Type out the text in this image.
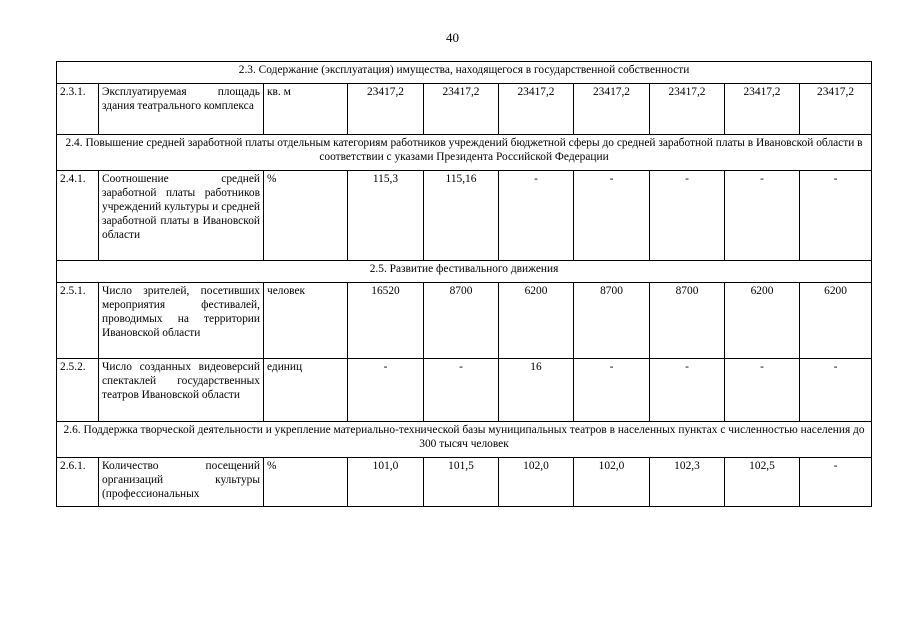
40
2.3. Содержание (эксплуатация) имущества, находящегося в государственной собственности									
2.3.1.	Эксплуатируемая площадь здания театрального комплекса	кв. м	23417,2	23417,2	23417,2	23417,2	23417,2	23417,2	23417,2
2.4. Повышение средней заработной платы отдельным категориям работников учреждений бюджетной сферы до средней заработной платы в Ивановской области в соответствии с указами Президента Российской Федерации									
2.4.1.	Соотношение средней заработной платы работников учреждений культуры и средней заработной платы в Ивановской области	%	115,3	115,16	-	-	-	-	-
2.5. Развитие фестивального движения									
2.5.1.	Число зрителей, посетивших мероприятия фестивалей, проводимых на территории Ивановской области	человек	16520	8700	6200	8700	8700	6200	6200
2.5.2.	Число созданных видеоверсий спектаклей государственных театров Ивановской области	единиц	-	-	16	-	-	-	-
2.6. Поддержка творческой деятельности и укрепление материально-технической базы муниципальных театров в населенных пунктах с численностью населения до 300 тысяч человек									
2.6.1.	Количество посещений организаций культуры (профессиональных	%	101,0	101,5	102,0	102,0	102,3	102,5	-
